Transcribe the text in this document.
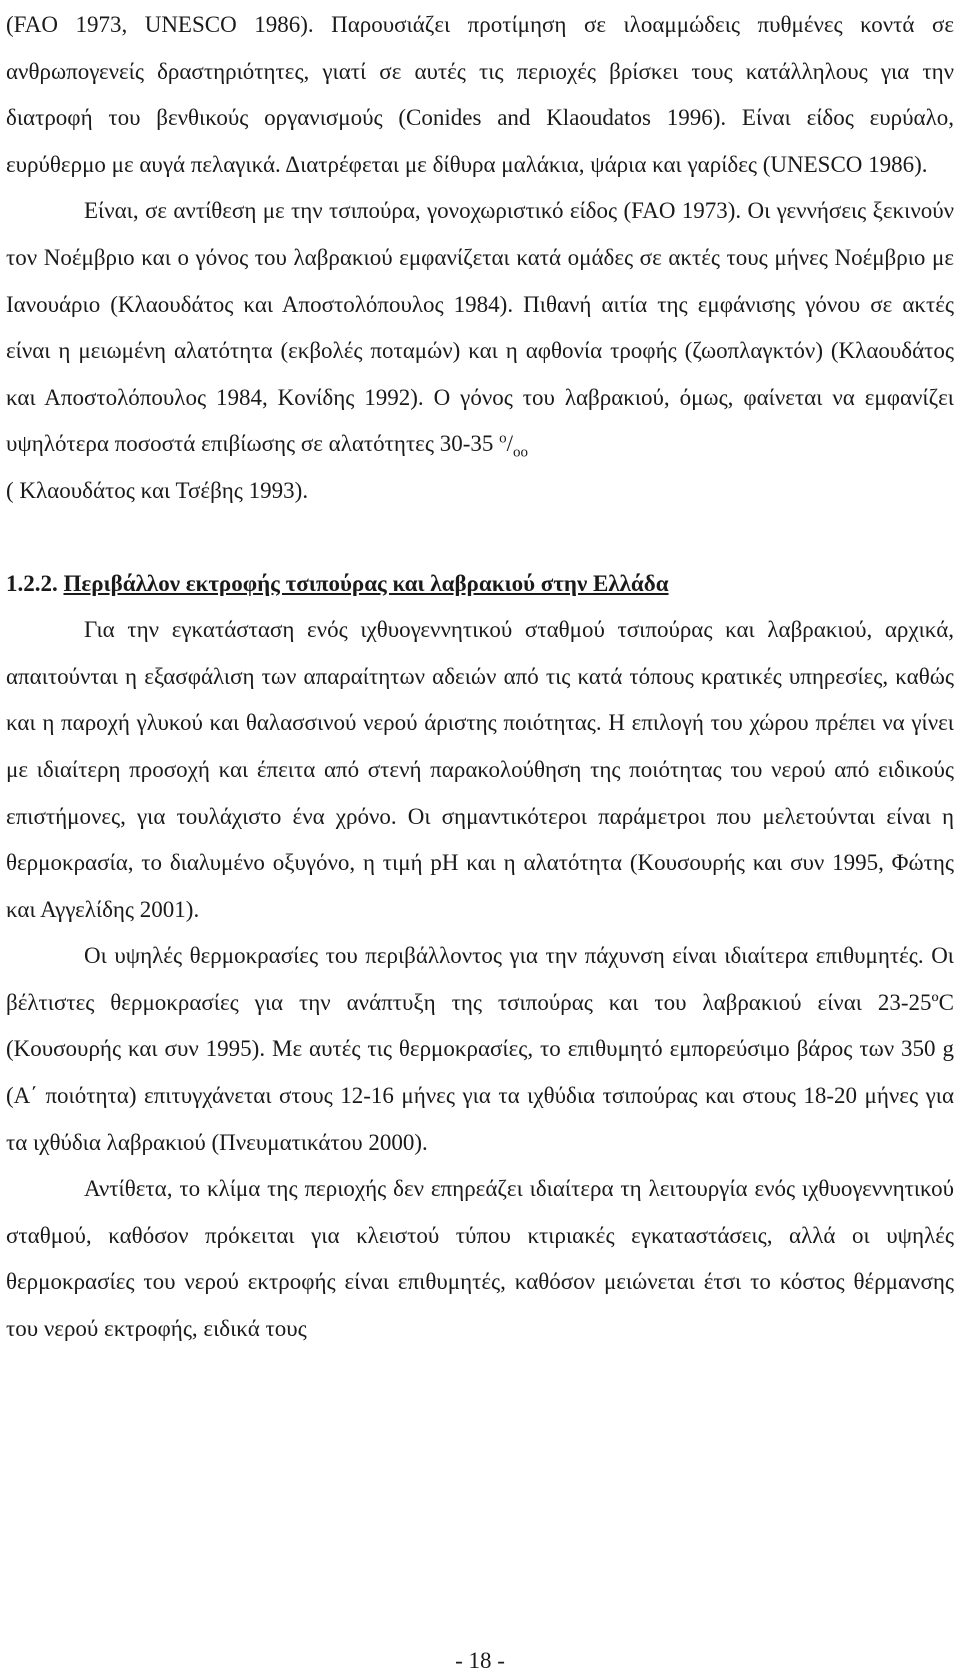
(FAO 1973, UNESCO 1986). Παρουσιάζει προτίμηση σε ιλοαμμώδεις πυθμένες κοντά σε ανθρωπογενείς δραστηριότητες, γιατί σε αυτές τις περιοχές βρίσκει τους κατάλληλους για την διατροφή του βενθικούς οργανισμούς (Conides and Klaoudatos 1996). Είναι είδος ευρύαλο, ευρύθερμο με αυγά πελαγικά. Διατρέφεται με δίθυρα μαλάκια, ψάρια και γαρίδες (UNESCO 1986).

Είναι, σε αντίθεση με την τσιπούρα, γονοχωριστικό είδος (FAO 1973). Οι γεννήσεις ξεκινούν τον Νοέμβριο και ο γόνος του λαβρακιού εμφανίζεται κατά ομάδες σε ακτές τους μήνες Νοέμβριο με Ιανουάριο (Κλαουδάτος και Αποστολόπουλος 1984). Πιθανή αιτία της εμφάνισης γόνου σε ακτές είναι η μειωμένη αλατότητα (εκβολές ποταμών) και η αφθονία τροφής (ζωοπλαγκτόν) (Κλαουδάτος και Αποστολόπουλος 1984, Κονίδης 1992). Ο γόνος του λαβρακιού, όμως, φαίνεται να εμφανίζει υψηλότερα ποσοστά επιβίωσης σε αλατότητες 30-35 $^o/_{oo}$
( Κλαουδάτος και Τσέβης 1993).

1.2.2. Περιβάλλον εκτροφής τσιπούρας και λαβρακιού στην Ελλάδα

Για την εγκατάσταση ενός ιχθυογεννητικού σταθμού τσιπούρας και λαβρακιού, αρχικά, απαιτούνται η εξασφάλιση των απαραίτητων αδειών από τις κατά τόπους κρατικές υπηρεσίες, καθώς και η παροχή γλυκού και θαλασσινού νερού άριστης ποιότητας. Η επιλογή του χώρου πρέπει να γίνει με ιδιαίτερη προσοχή και έπειτα από στενή παρακολούθηση της ποιότητας του νερού από ειδικούς επιστήμονες, για τουλάχιστο ένα χρόνο. Οι σημαντικότεροι παράμετροι που μελετούνται είναι η θερμοκρασία, το διαλυμένο οξυγόνο, η τιμή pH και η αλατότητα (Κουσουρής και συν 1995, Φώτης και Αγγελίδης 2001).

Οι υψηλές θερμοκρασίες του περιβάλλοντος για την πάχυνση είναι ιδιαίτερα επιθυμητές. Οι βέλτιστες θερμοκρασίες για την ανάπτυξη της τσιπούρας και του λαβρακιού είναι 23-25ºC (Κουσουρής και συν 1995). Με αυτές τις θερμοκρασίες, το επιθυμητό εμπορεύσιμο βάρος των 350 g (Α΄ ποιότητα) επιτυγχάνεται στους 12-16 μήνες για τα ιχθύδια τσιπούρας και στους 18-20 μήνες για τα ιχθύδια λαβρακιού (Πνευματικάτου 2000).

Αντίθετα, το κλίμα της περιοχής δεν επηρεάζει ιδιαίτερα τη λειτουργία ενός ιχθυογεννητικού σταθμού, καθόσον πρόκειται για κλειστού τύπου κτιριακές εγκαταστάσεις, αλλά οι υψηλές θερμοκρασίες του νερού εκτροφής είναι επιθυμητές, καθόσον μειώνεται έτσι το κόστος θέρμανσης του νερού εκτροφής, ειδικά τους

- 18 -
